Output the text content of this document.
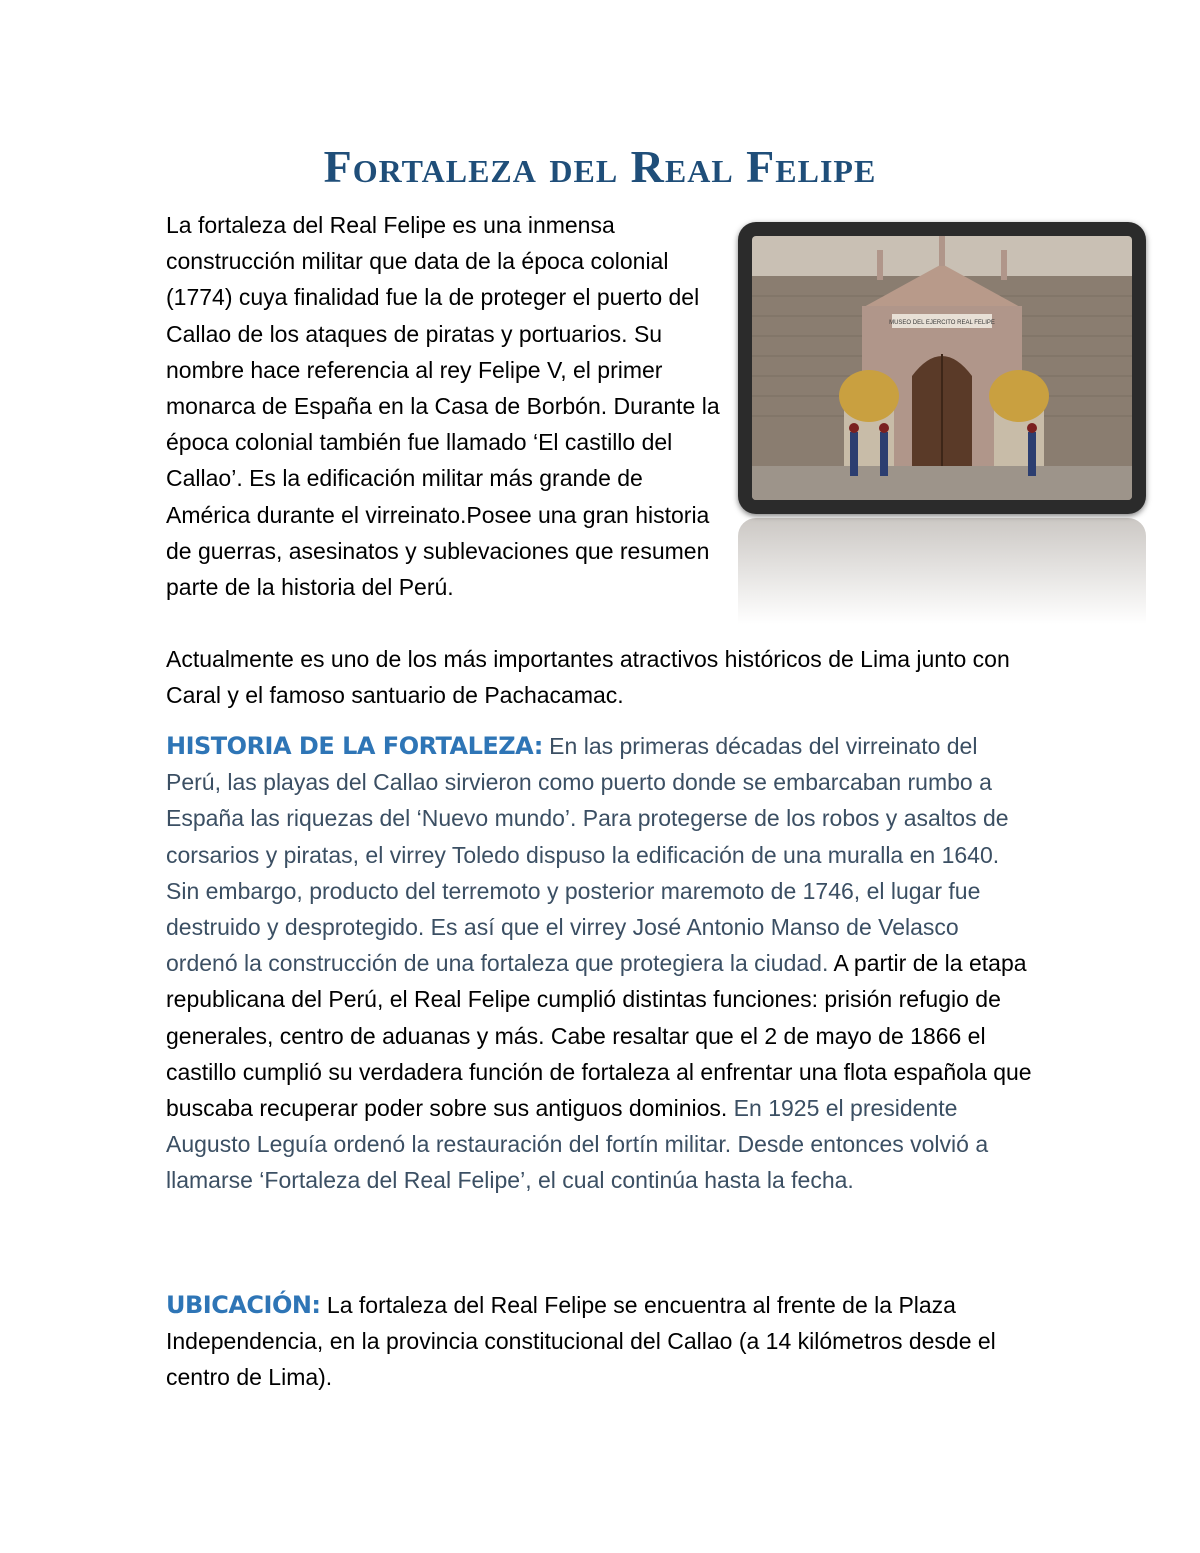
Fortaleza del Real Felipe

La fortaleza del Real Felipe es una inmensa construcción militar que data de la época colonial (1774) cuya finalidad fue la de proteger el puerto del Callao de los ataques de piratas y portuarios. Su nombre hace referencia al rey Felipe V, el primer monarca de España en la Casa de Borbón. Durante la época colonial también fue llamado ‘El castillo del Callao’. Es la edificación militar más grande de América durante el virreinato.Posee una gran historia de guerras, asesinatos y sublevaciones que resumen parte de la historia del Perú.

MUSEO DEL EJERCITO REAL FELIPE

Actualmente es uno de los más importantes atractivos históricos de Lima junto con Caral y el famoso santuario de Pachacamac.

HISTORIA DE LA FORTALEZA: En las primeras décadas del virreinato del Perú, las playas del Callao sirvieron como puerto donde se embarcaban rumbo a España las riquezas del ‘Nuevo mundo’. Para protegerse de los robos y asaltos de corsarios y piratas, el virrey Toledo dispuso la edificación de una muralla en 1640. Sin embargo, producto del terremoto y posterior maremoto de 1746, el lugar fue destruido y desprotegido. Es así que el virrey José Antonio Manso de Velasco ordenó la construcción de una fortaleza que protegiera la ciudad. A partir de la etapa republicana del Perú, el Real Felipe cumplió distintas funciones: prisión refugio de generales, centro de aduanas y más. Cabe resaltar que el 2 de mayo de 1866 el castillo cumplió su verdadera función de fortaleza al enfrentar una flota española que buscaba recuperar poder sobre sus antiguos dominios. En 1925 el presidente Augusto Leguía ordenó la restauración del fortín militar. Desde entonces volvió a llamarse ‘Fortaleza del Real Felipe’, el cual continúa hasta la fecha.

UBICACIÓN: La fortaleza del Real Felipe se encuentra al frente de la Plaza Independencia, en la provincia constitucional del Callao (a 14 kilómetros desde el centro de Lima).
